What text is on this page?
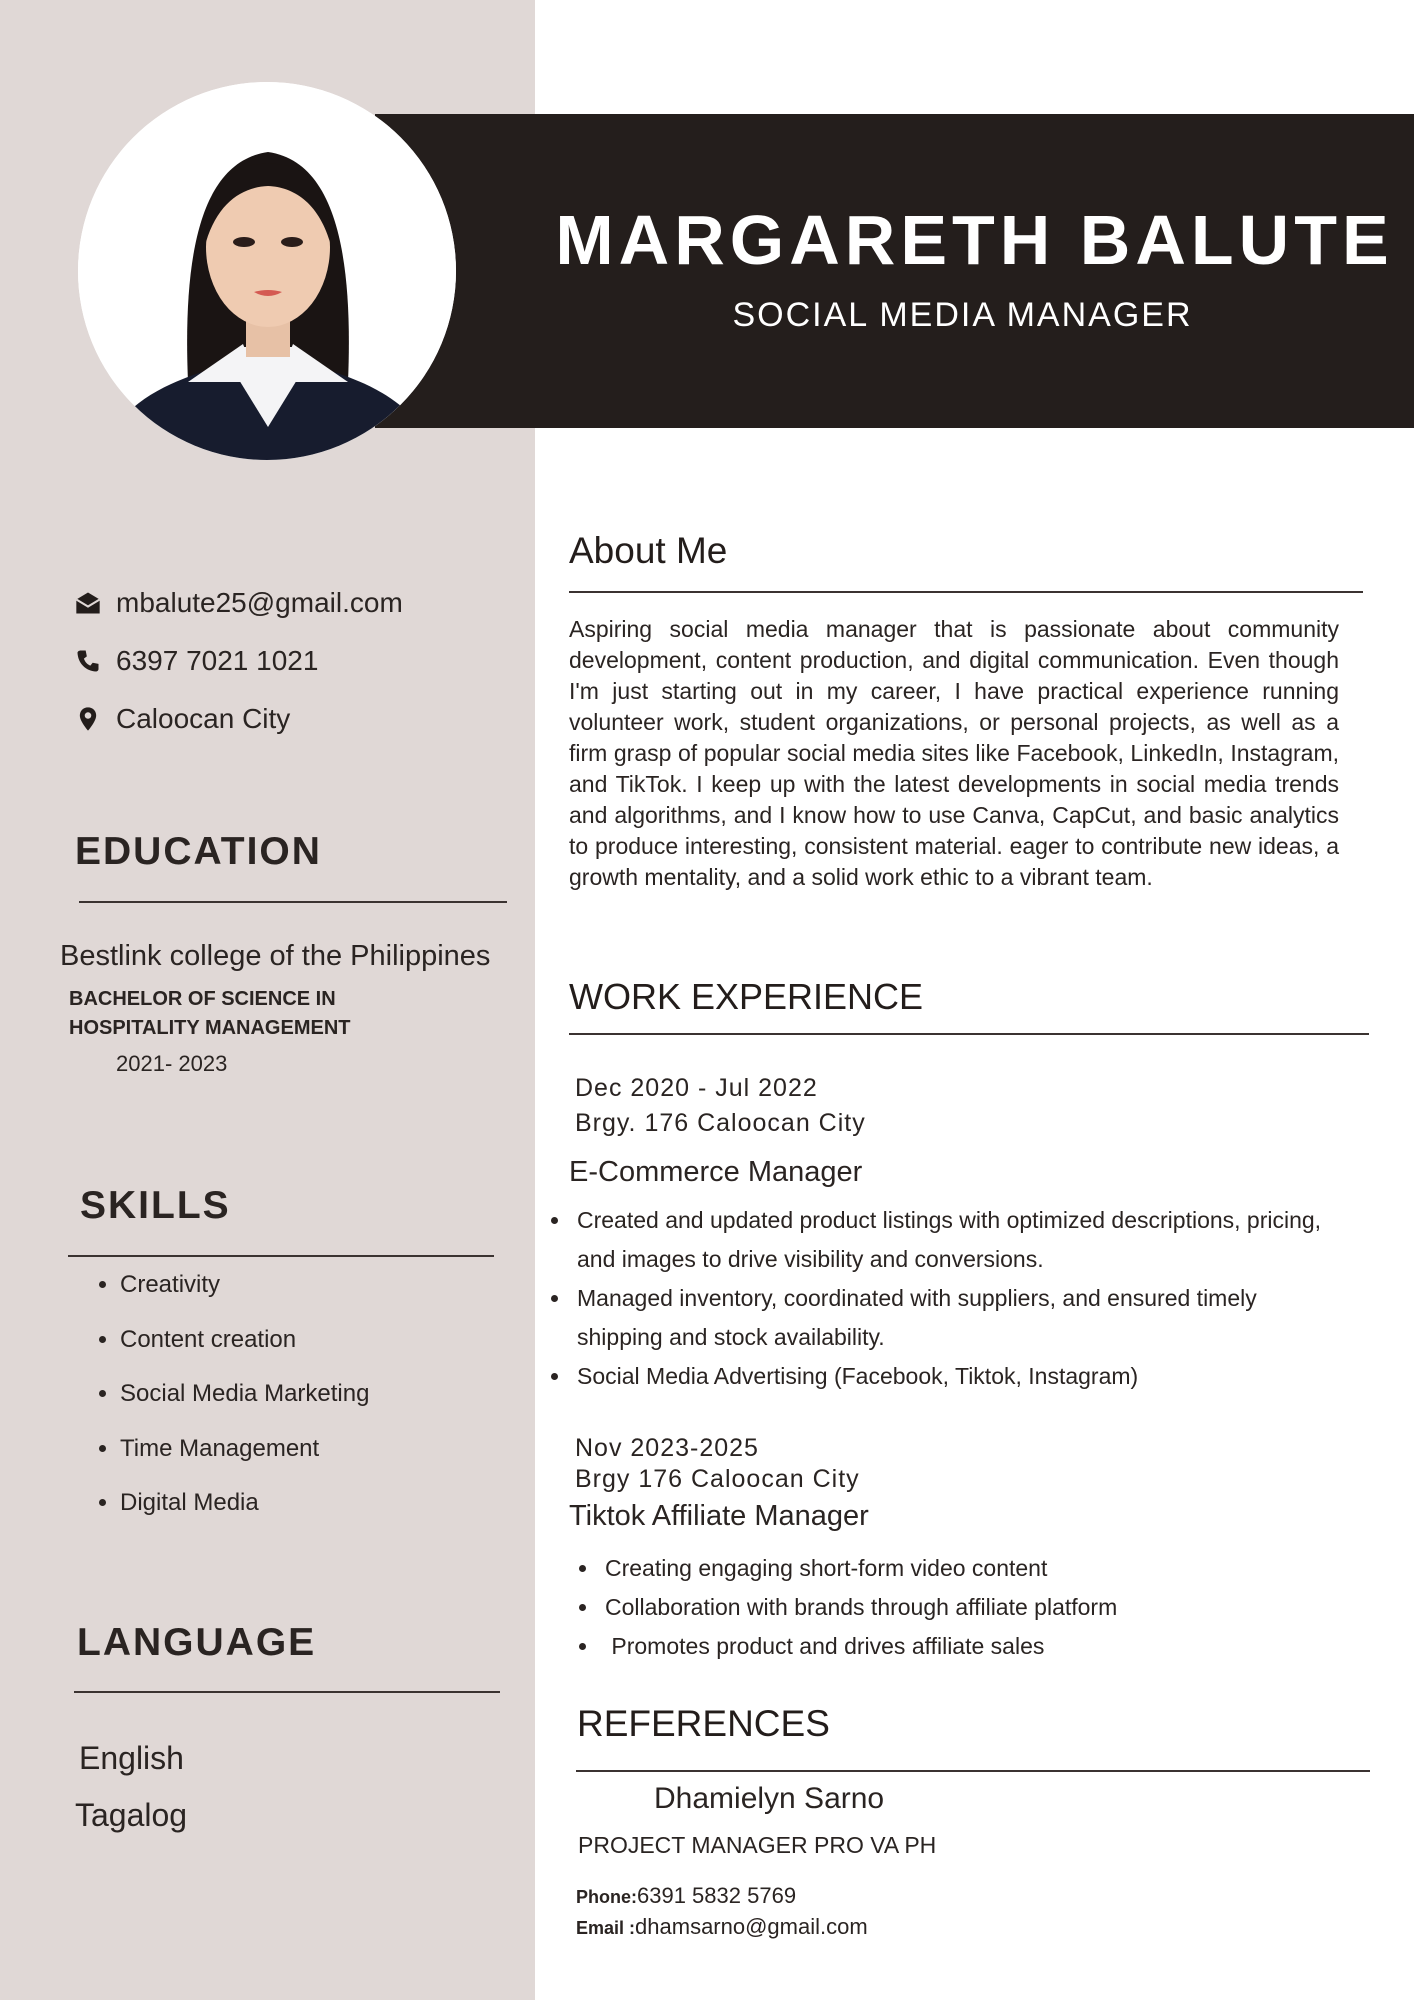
MARGARETH BALUTE
SOCIAL MEDIA MANAGER
mbalute25@gmail.com
6397 7021 1021
Caloocan City
EDUCATION
Bestlink college of the Philippines
BACHELOR OF SCIENCE IN
HOSPITALITY MANAGEMENT
2021- 2023
SKILLS
• Creativity
• Content creation
• Social Media Marketing
• Time Management
• Digital Media
LANGUAGE
English
Tagalog
About Me
Aspiring social media manager that is passionate about community development, content production, and digital communication. Even though I'm just starting out in my career, I have practical experience running volunteer work, student organizations, or personal projects, as well as a firm grasp of popular social media sites like Facebook, LinkedIn, Instagram, and TikTok. I keep up with the latest developments in social media trends and algorithms, and I know how to use Canva, CapCut, and basic analytics to produce interesting, consistent material. eager to contribute new ideas, a growth mentality, and a solid work ethic to a vibrant team.
WORK EXPERIENCE
Dec 2020 - Jul 2022
Brgy. 176 Caloocan City
E-Commerce Manager
Created and updated product listings with optimized descriptions, pricing,
and images to drive visibility and conversions.
Managed inventory, coordinated with suppliers, and ensured timely
shipping and stock availability.
Social Media Advertising (Facebook, Tiktok, Instagram)
Nov 2023-2025
Brgy 176 Caloocan City
Tiktok Affiliate Manager
Creating engaging short-form video content
Collaboration with brands through affiliate platform
Promotes product and drives affiliate sales
REFERENCES
Dhamielyn Sarno
PROJECT MANAGER PRO VA PH
Phone:6391 5832 5769
Email :dhamsarno@gmail.com
